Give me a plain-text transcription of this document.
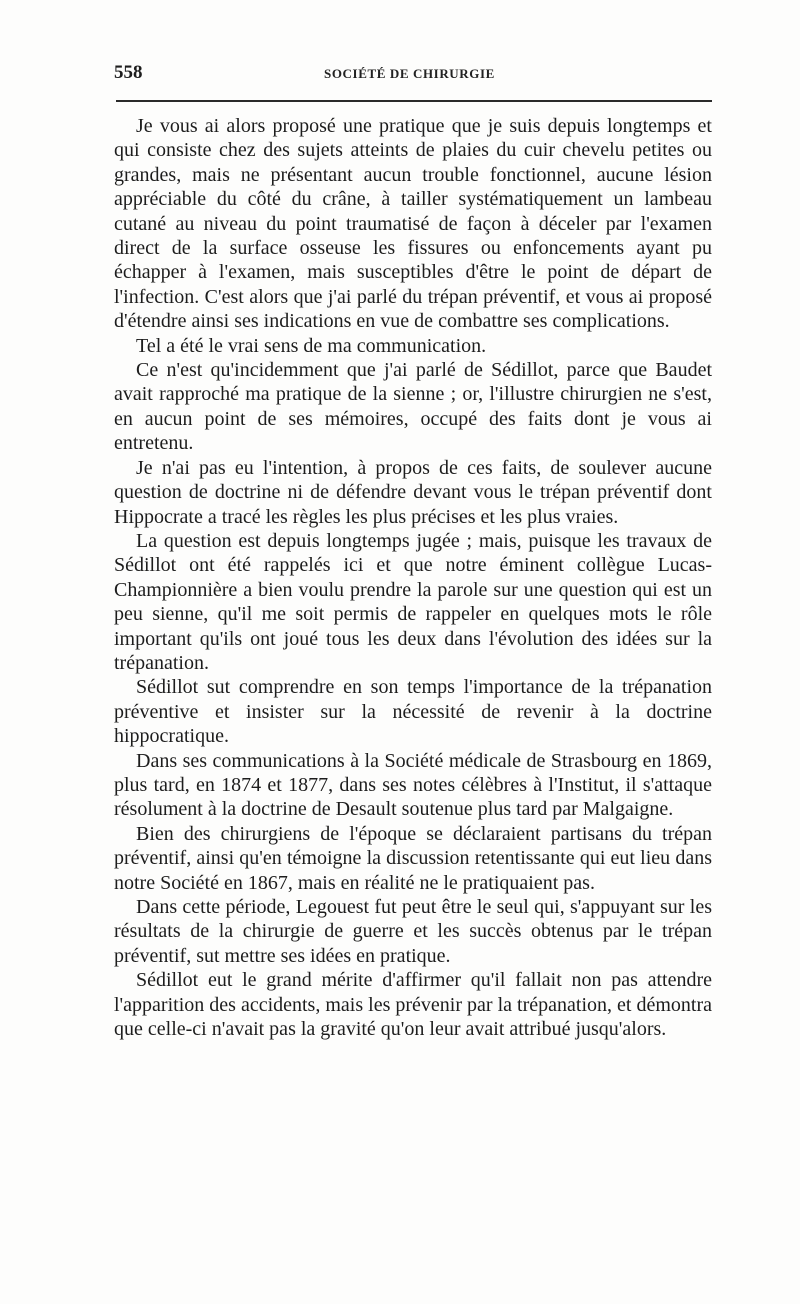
558	SOCIÉTÉ DE CHIRURGIE

Je vous ai alors proposé une pratique que je suis depuis longtemps et qui consiste chez des sujets atteints de plaies du cuir chevelu petites ou grandes, mais ne présentant aucun trouble fonctionnel, aucune lésion appréciable du côté du crâne, à tailler systématiquement un lambeau cutané au niveau du point traumatisé de façon à déceler par l'examen direct de la surface osseuse les fissures ou enfoncements ayant pu échapper à l'examen, mais susceptibles d'être le point de départ de l'infection. C'est alors que j'ai parlé du trépan préventif, et vous ai proposé d'étendre ainsi ses indications en vue de combattre ses complications.

Tel a été le vrai sens de ma communication.

Ce n'est qu'incidemment que j'ai parlé de Sédillot, parce que Baudet avait rapproché ma pratique de la sienne ; or, l'illustre chirurgien ne s'est, en aucun point de ses mémoires, occupé des faits dont je vous ai entretenu.

Je n'ai pas eu l'intention, à propos de ces faits, de soulever aucune question de doctrine ni de défendre devant vous le trépan préventif dont Hippocrate a tracé les règles les plus précises et les plus vraies.

La question est depuis longtemps jugée ; mais, puisque les travaux de Sédillot ont été rappelés ici et que notre éminent collègue Lucas-Championnière a bien voulu prendre la parole sur une question qui est un peu sienne, qu'il me soit permis de rappeler en quelques mots le rôle important qu'ils ont joué tous les deux dans l'évolution des idées sur la trépanation.

Sédillot sut comprendre en son temps l'importance de la trépanation préventive et insister sur la nécessité de revenir à la doctrine hippocratique.

Dans ses communications à la Société médicale de Strasbourg en 1869, plus tard, en 1874 et 1877, dans ses notes célèbres à l'Institut, il s'attaque résolument à la doctrine de Desault soutenue plus tard par Malgaigne.

Bien des chirurgiens de l'époque se déclaraient partisans du trépan préventif, ainsi qu'en témoigne la discussion retentissante qui eut lieu dans notre Société en 1867, mais en réalité ne le pratiquaient pas.

Dans cette période, Legouest fut peut être le seul qui, s'appuyant sur les résultats de la chirurgie de guerre et les succès obtenus par le trépan préventif, sut mettre ses idées en pratique.

Sédillot eut le grand mérite d'affirmer qu'il fallait non pas attendre l'apparition des accidents, mais les prévenir par la trépanation, et démontra que celle-ci n'avait pas la gravité qu'on leur avait attribué jusqu'alors.
